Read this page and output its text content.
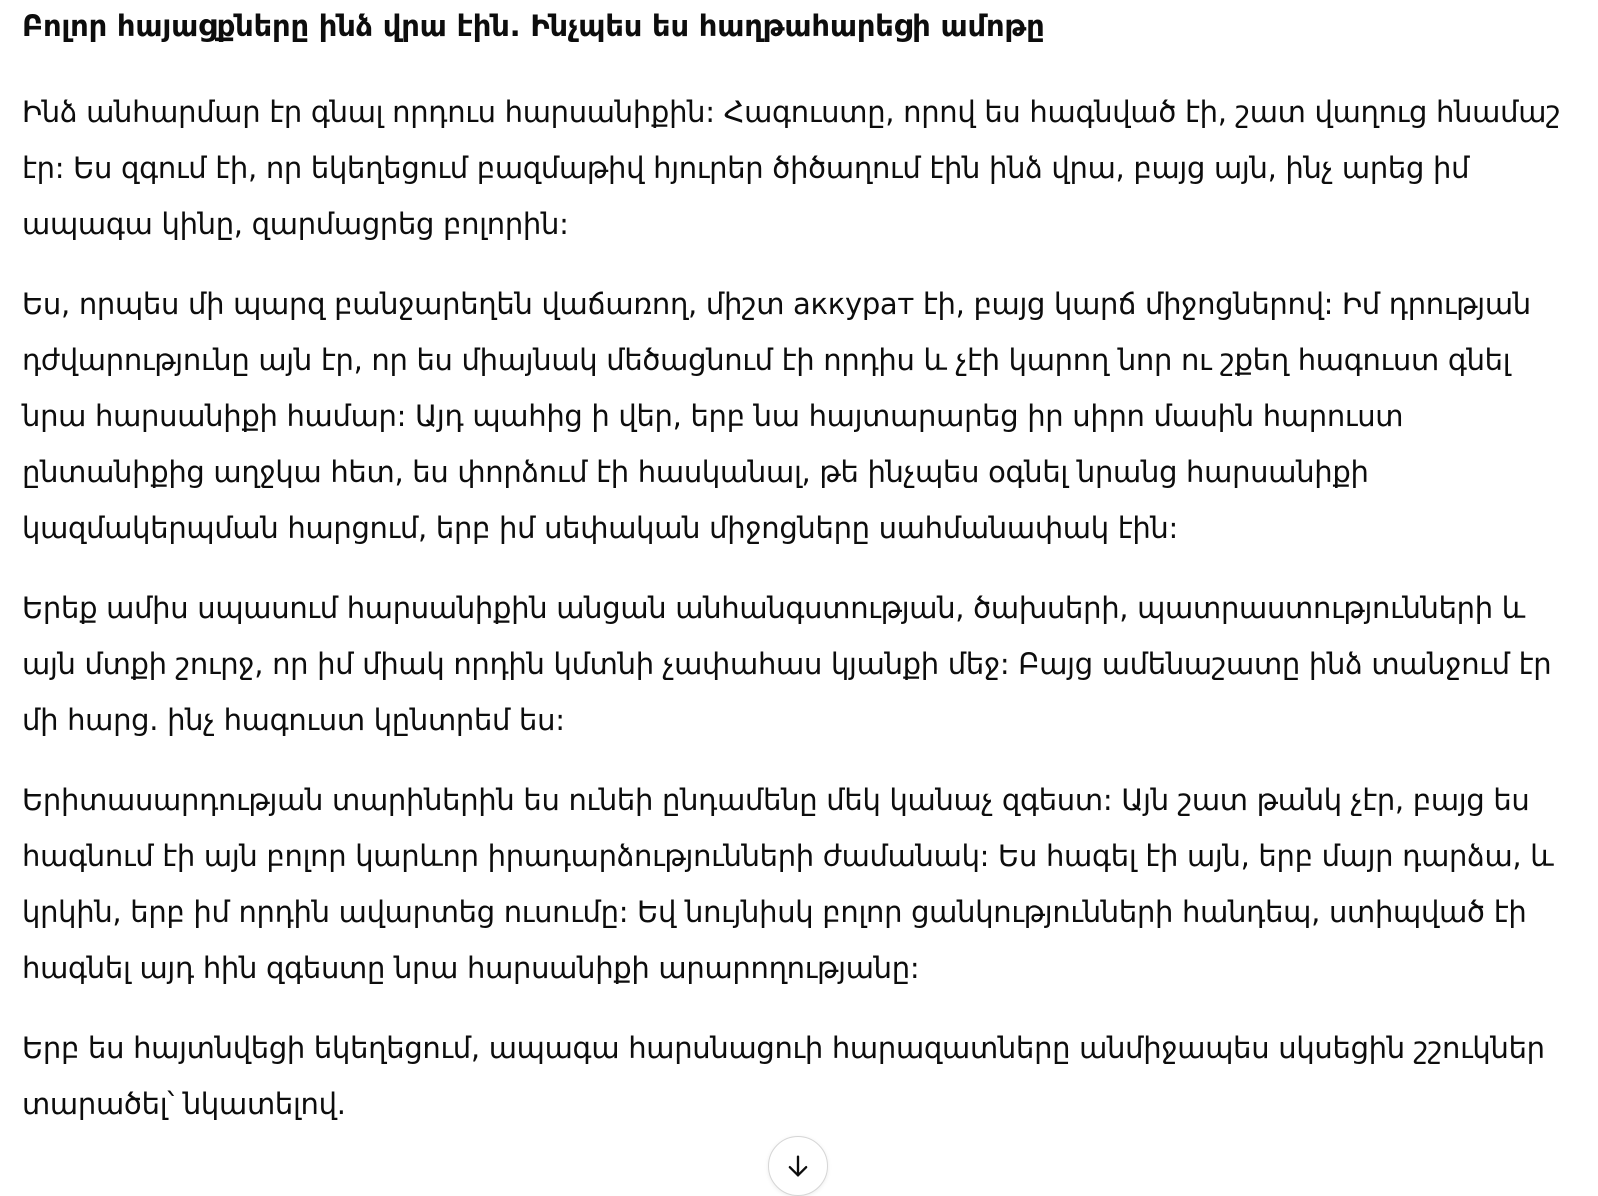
Բոլոր հայացքները ինձ վրա էին. Ինչպես ես հաղթահարեցի ամոթը

Ինձ անհարմար էր գնալ որդուս հարսանիքին: Հագուստը, որով ես հագնված էի, շատ վաղուց հնամաշ էր: Ես զգում էի, որ եկեղեցում բազմաթիվ հյուրեր ծիծաղում էին ինձ վրա, բայց այն, ինչ արեց իմ ապագա կինը, զարմացրեց բոլորին:

Ես, որպես մի պարզ բանջարեղեն վաճառող, միշտ аккурат էի, բայց կարճ միջոցներով: Իմ դրության դժվարությունը այն էր, որ ես միայնակ մեծացնում էի որդիս և չէի կարող նոր ու շքեղ հագուստ գնել նրա հարսանիքի համար: Այդ պահից ի վեր, երբ նա հայտարարեց իր սիրո մասին հարուստ ընտանիքից աղջկա հետ, ես փորձում էի հասկանալ, թե ինչպես օգնել նրանց հարսանիքի կազմակերպման հարցում, երբ իմ սեփական միջոցները սահմանափակ էին:

Երեք ամիս սպասում հարսանիքին անցան անհանգստության, ծախսերի, պատրաստությունների և այն մտքի շուրջ, որ իմ միակ որդին կմտնի չափահաս կյանքի մեջ: Բայց ամենաշատը ինձ տանջում էր մի հարց. ինչ հագուստ կընտրեմ ես:

Երիտասարդության տարիներին ես ունեի ընդամենը մեկ կանաչ զգեստ: Այն շատ թանկ չէր, բայց ես հագնում էի այն բոլոր կարևոր իրադարձությունների ժամանակ: Ես հագել էի այն, երբ մայր դարձա, և կրկին, երբ իմ որդին ավարտեց ուսումը: Եվ նույնիսկ բոլոր ցանկությունների հանդեպ, ստիպված էի հագնել այդ հին զգեստը նրա հարսանիքի արարողությանը:

Երբ ես հայտնվեցի եկեղեցում, ապագա հարսնացուի հարազատները անմիջապես սկսեցին շշուկներ տարածել՝ նկատելով.
